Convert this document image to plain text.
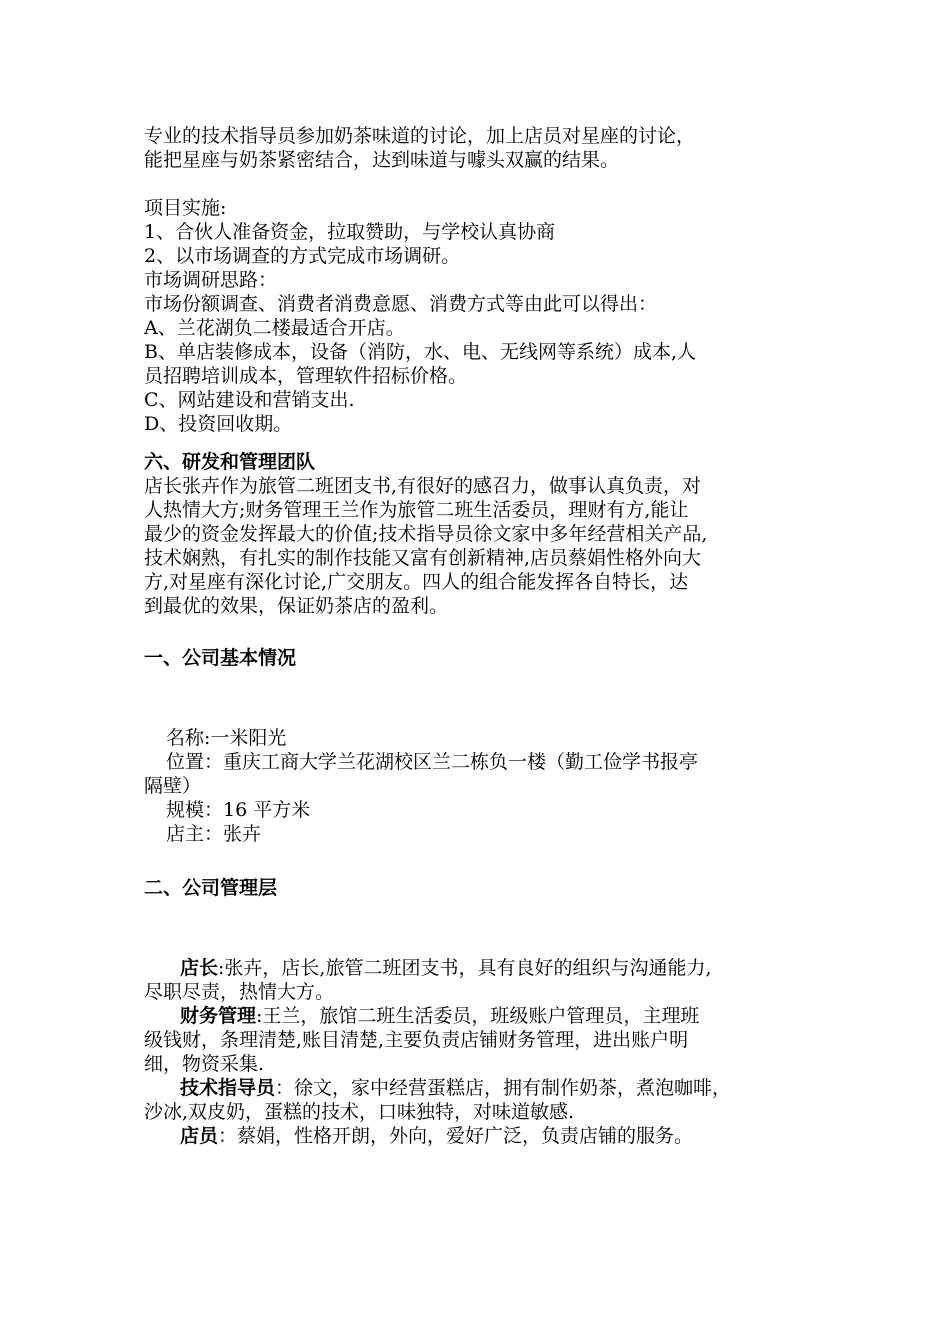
专业的技术指导员参加奶茶味道的讨论，加上店员对星座的讨论，
能把星座与奶茶紧密结合，达到味道与噱头双赢的结果。
项目实施:
1、合伙人准备资金，拉取赞助，与学校认真协商
2、以市场调查的方式完成市场调研。
市场调研思路：
市场份额调查、消费者消费意愿、消费方式等由此可以得出：
A、兰花湖负二楼最适合开店。
B、单店装修成本，设备（消防，水、电、无线网等系统）成本,人
员招聘培训成本，管理软件招标价格。
C、网站建设和营销支出.
D、投资回收期。
六、研发和管理团队
店长张卉作为旅管二班团支书,有很好的感召力，做事认真负责，对
人热情大方;财务管理王兰作为旅管二班生活委员，理财有方,能让
最少的资金发挥最大的价值;技术指导员徐文家中多年经营相关产品,
技术娴熟，有扎实的制作技能又富有创新精神,店员蔡娟性格外向大
方,对星座有深化讨论,广交朋友。四人的组合能发挥各自特长，达
到最优的效果，保证奶茶店的盈利。
一、公司基本情况
名称:一米阳光
位置：重庆工商大学兰花湖校区兰二栋负一楼（勤工俭学书报亭
隔壁）
规模：16 平方米
店主：张卉
二、公司管理层
店长:张卉，店长,旅管二班团支书，具有良好的组织与沟通能力,
尽职尽责，热情大方。
财务管理:王兰，旅馆二班生活委员，班级账户管理员，主理班
级钱财，条理清楚,账目清楚,主要负责店铺财务管理，进出账户明
细，物资采集.
技术指导员：徐文，家中经营蛋糕店，拥有制作奶茶，煮泡咖啡，
沙冰,双皮奶，蛋糕的技术，口味独特，对味道敏感.
店员：蔡娟，性格开朗，外向，爱好广泛，负责店铺的服务。
